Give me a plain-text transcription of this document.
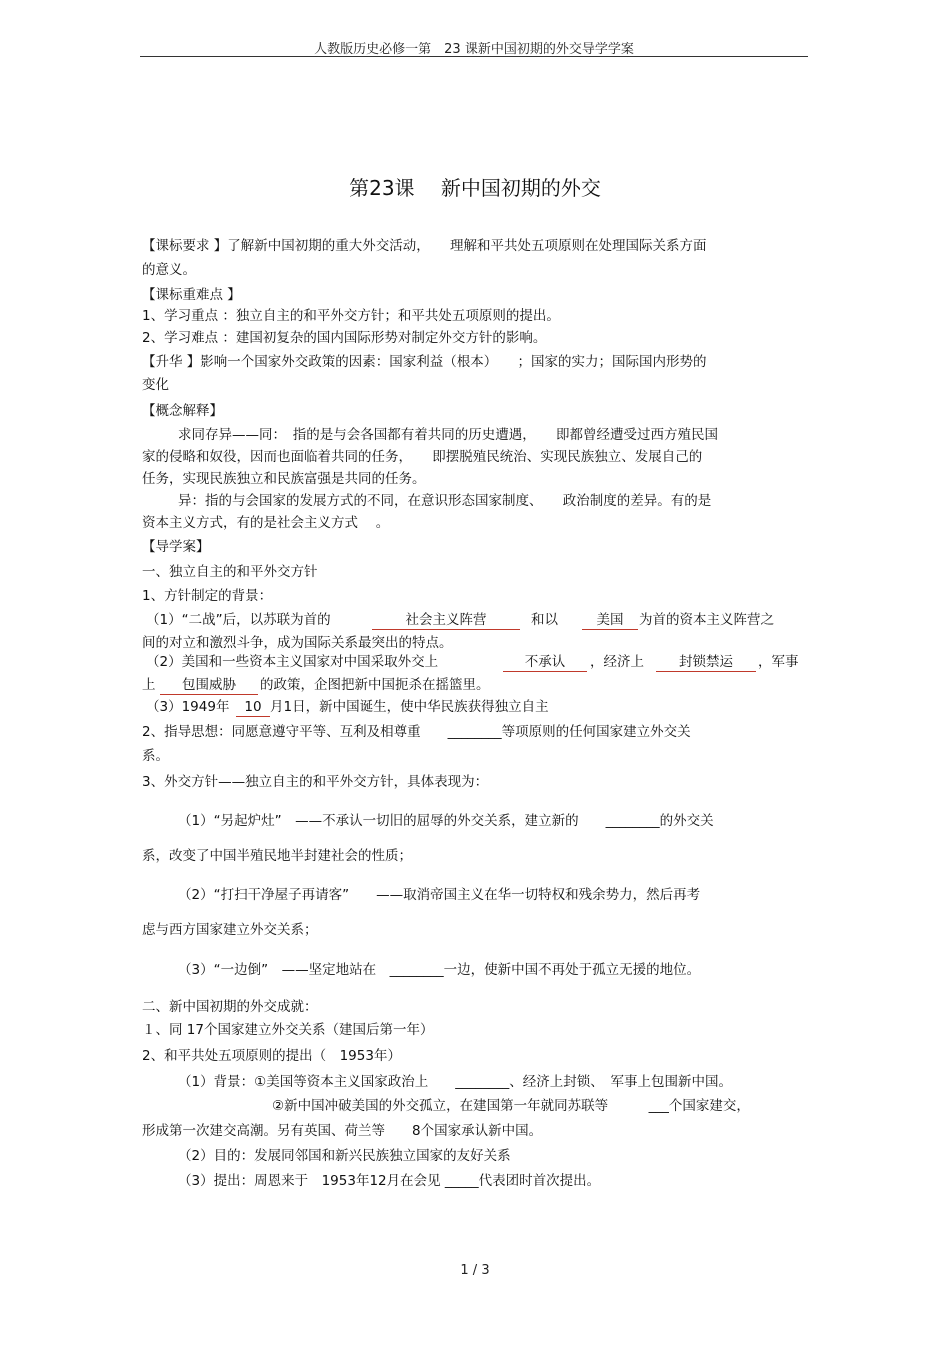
人教版历史必修一第　23 课新中国初期的外交导学学案
第23课　 新中国初期的外交
【课标要求 】了解新中国初期的重大外交活动，　　理解和平共处五项原则在处理国际关系方面
的意义。
【课标重难点 】
1、学习重点 ：独立自主的和平外交方针；和平共处五项原则的提出。
2、学习难点 ：建国初复杂的国内国际形势对制定外交方针的影响。
【升华 】影响一个国家外交政策的因素：国家利益（根本）　　；国家的实力；国际国内形势的
变化
【概念解释】
求同存异——同：　指的是与会各国都有着共同的历史遭遇，　　即都曾经遭受过西方殖民国
家的侵略和奴役，因而也面临着共同的任务，　　即摆脱殖民统治、实现民族独立、发展自己的
任务，实现民族独立和民族富强是共同的任务。
异：指的与会国家的发展方式的不同，在意识形态国家制度、　　政治制度的差异。有的是
资本主义方式，有的是社会主义方式　 。
【导学案】
一、独立自主的和平外交方针
1、方针制定的背景：
（1）“二战”后，以苏联为首的	社会主义阵营	和以	美国	为首的资本主义阵营之
间的对立和激烈斗争，成为国际关系最突出的特点。
（2）美国和一些资本主义国家对中国采取外交上	不承认	，经济上	封锁禁运	，军事
上	包围威胁	的政策，企图把新中国扼杀在摇篮里。
（3）1949年	10 月1日，新中国诞生，使中华民族获得独立自主
2、指导思想：同愿意遵守平等、互利及相尊重　　________等项原则的任何国家建立外交关
系。
3、外交方针——独立自主的和平外交方针，具体表现为：
（1）“另起炉灶”　——不承认一切旧的屈辱的外交关系，建立新的　　________的外交关
系，改变了中国半殖民地半封建社会的性质；
（2）“打扫干净屋子再请客”　　——取消帝国主义在华一切特权和残余势力，然后再考
虑与西方国家建立外交关系；
（3）“一边倒”　——坚定地站在　________一边，使新中国不再处于孤立无援的地位。
二、新中国初期的外交成就：
１、同 17个国家建立外交关系（建国后第一年）
2、和平共处五项原则的提出（　1953年）
（1）背景：①美国等资本主义国家政治上　　________、经济上封锁、　军事上包围新中国。
②新中国冲破美国的外交孤立，在建国第一年就同苏联等　　　___个国家建交，
形成第一次建交高潮。另有英国、荷兰等　　8个国家承认新中国。
（2）目的：发展同邻国和新兴民族独立国家的友好关系
（3）提出：周恩来于　1953年12月在会见 _____代表团时首次提出。
1 / 3
